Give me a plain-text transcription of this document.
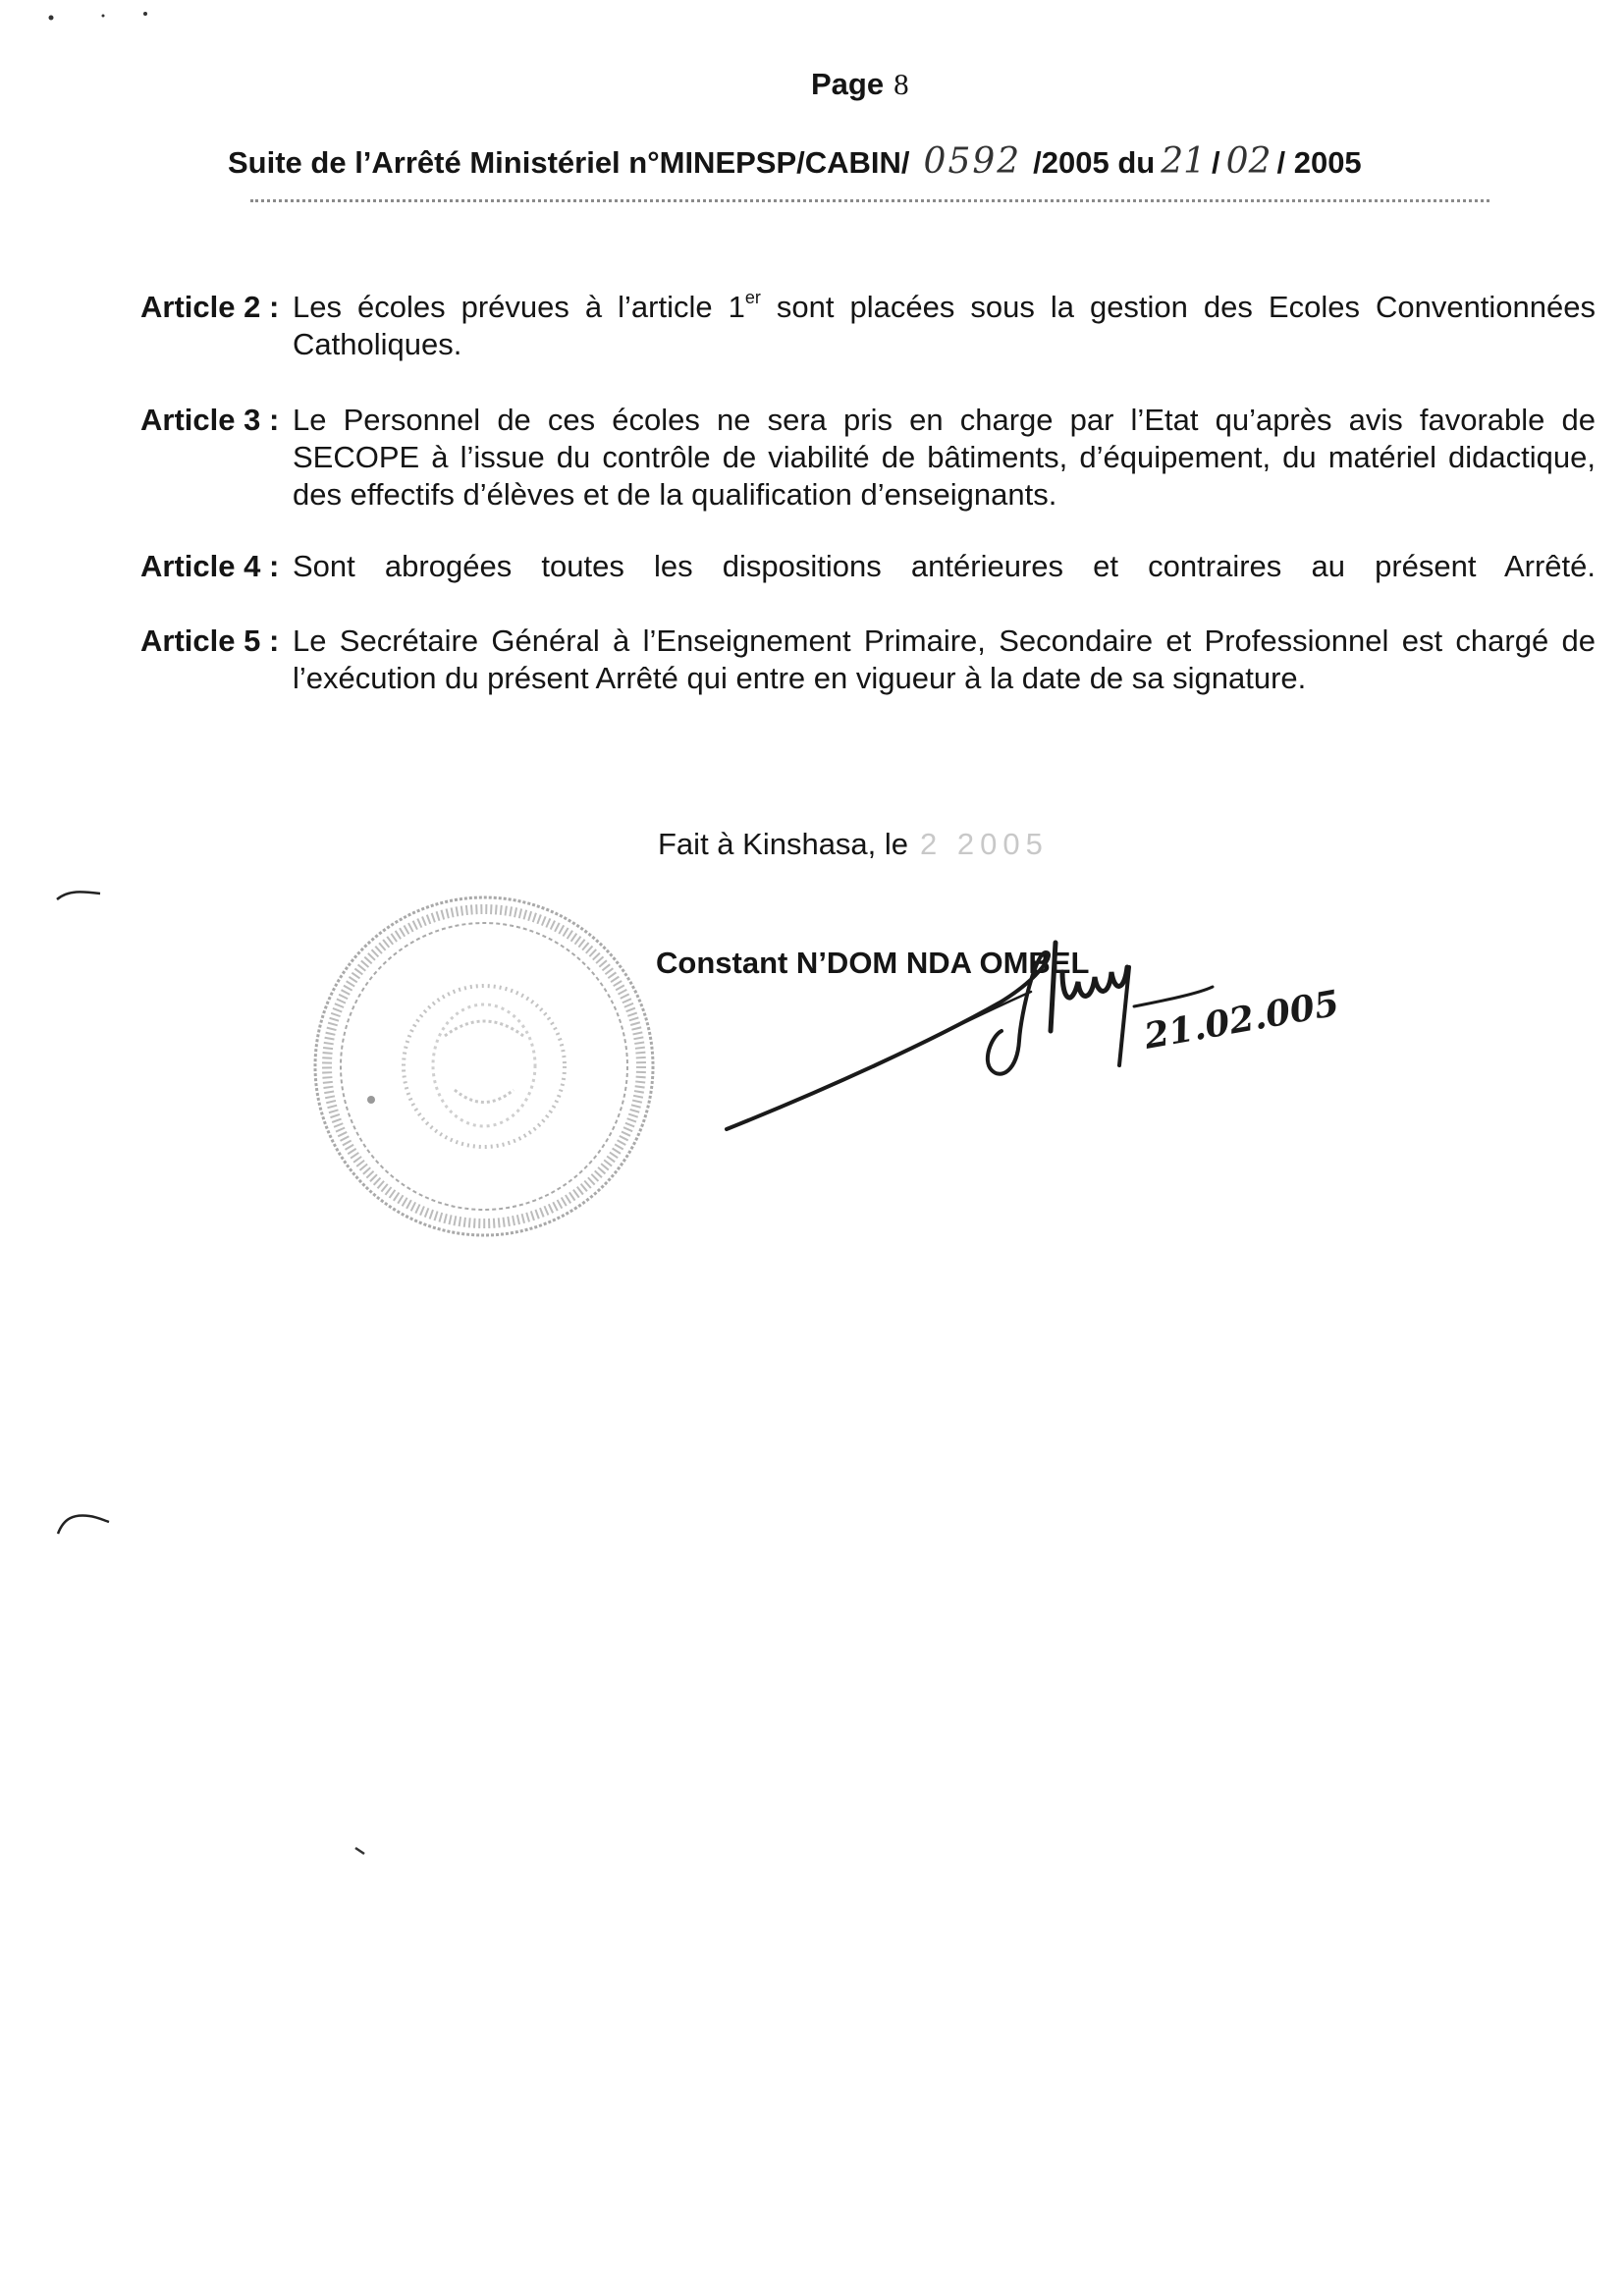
Page 8
Suite de l’Arrêté Ministériel n°MINEPSP/CABIN/ 0592 /2005 du 21 / 02 / 2005
Article 2 : Les écoles prévues à l’article 1er sont placées sous la gestion des Ecoles Conventionnées Catholiques.
Article 3 : Le Personnel de ces écoles ne sera pris en charge par l’Etat qu’après avis favorable de SECOPE à l’issue du contrôle de viabilité de bâtiments, d’équipement, du matériel didactique, des effectifs d’élèves et de la qualification d’enseignants.
Article 4 : Sont abrogées toutes les dispositions antérieures et contraires au présent Arrêté.
Article 5 : Le Secrétaire Général à l’Enseignement Primaire, Secondaire et Professionnel est chargé de l’exécution du présent Arrêté qui entre en vigueur à la date de sa signature.
Fait à Kinshasa, le 2 2005
Constant N’DOM NDA OMBEL
21.02.005
